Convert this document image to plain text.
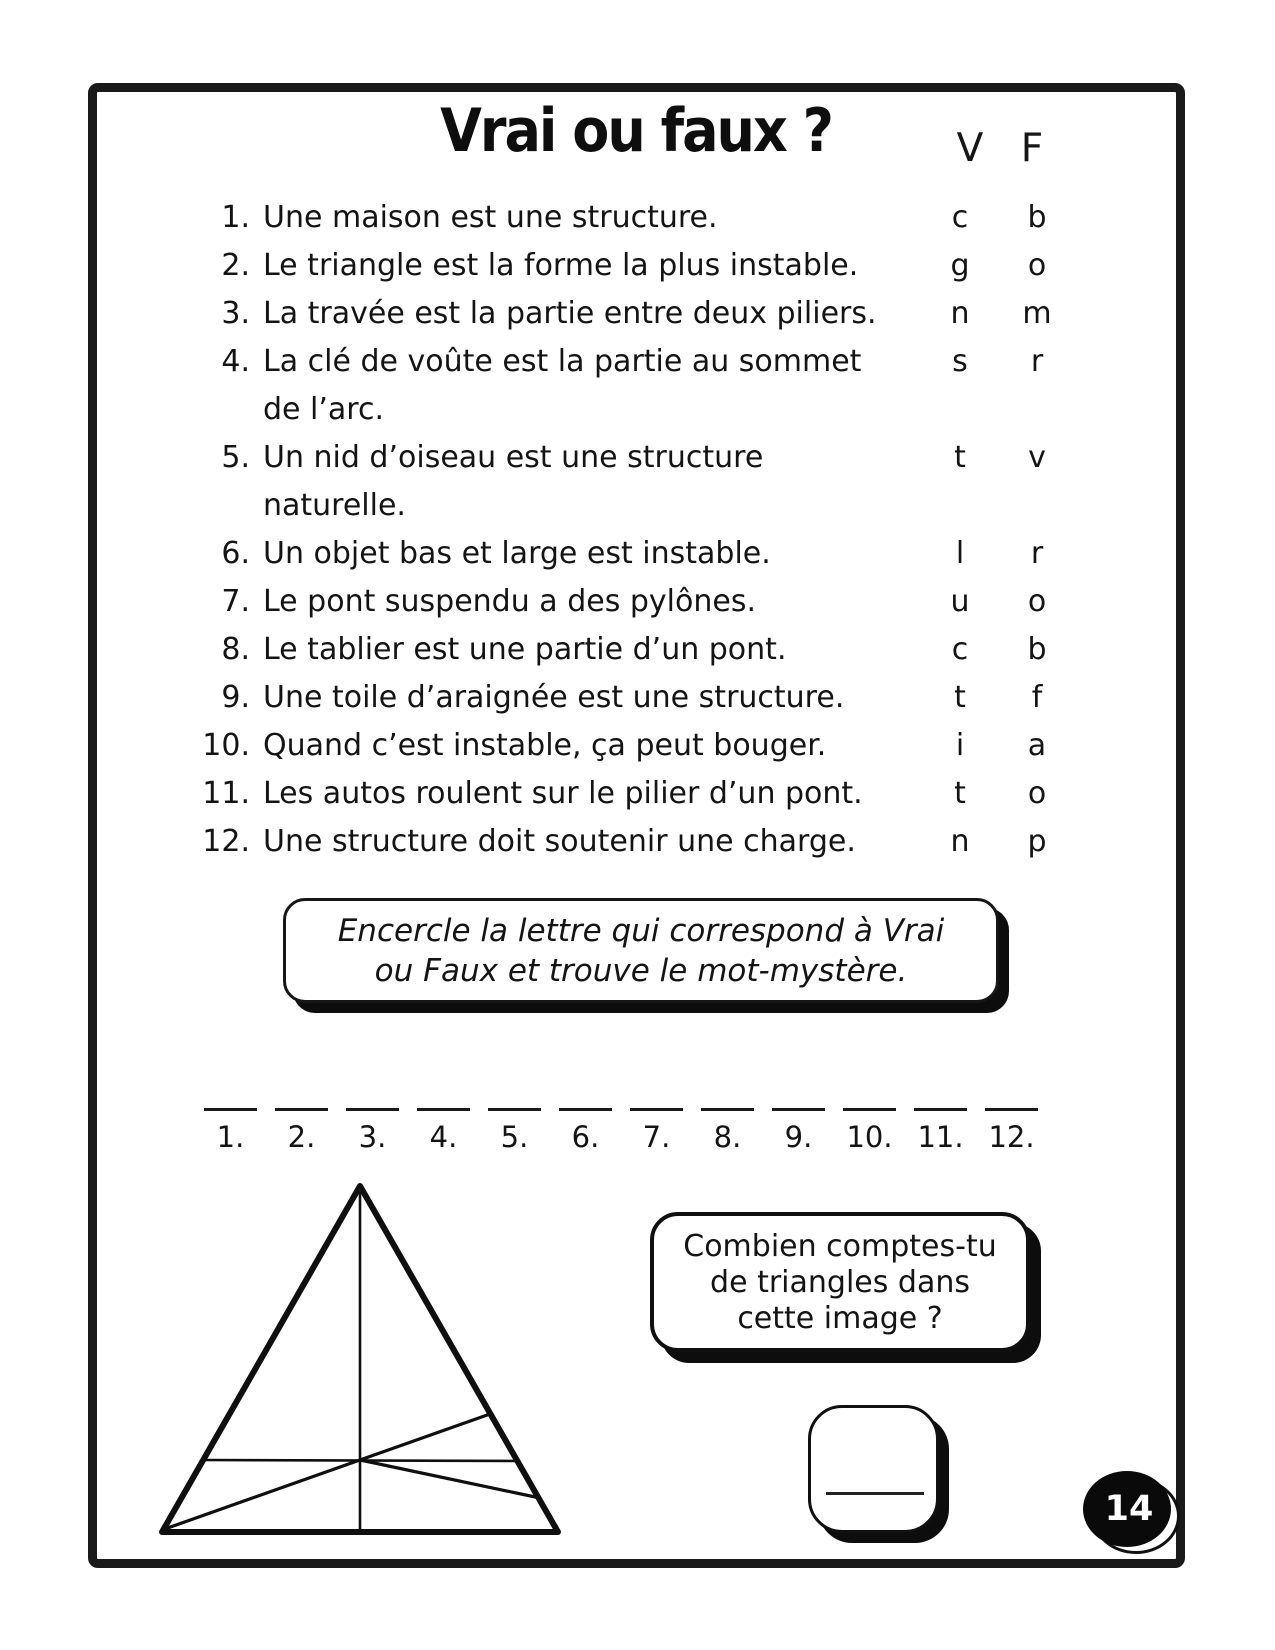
Vrai ou faux ?	V F
1. Une maison est une structure.	c	b
2. Le triangle est la forme la plus instable.	g	o
3. La travée est la partie entre deux piliers.	n	m
4. La clé de voûte est la partie au sommet
de l’arc.
s	r
5. Un nid d’oiseau est une structure
naturelle.
t	v
6. Un objet bas et large est instable.	l	r
7. Le pont suspendu a des pylônes.	u	o
8. Le tablier est une partie d’un pont.	c	b
9. Une toile d’araignée est une structure.	t	f
10. Quand c’est instable, ça peut bouger.	i	a
11. Les autos roulent sur le pilier d’un pont.	t	o
12. Une structure doit soutenir une charge.	n	p
Encercle la lettre qui correspond à Vrai
ou Faux et trouve le mot-mystère.
1.	2.	3.	4.	5.	6.	7.	8.	9.	10. 11. 12.
Combien comptes-tu
de triangles dans
cette image ?
14
